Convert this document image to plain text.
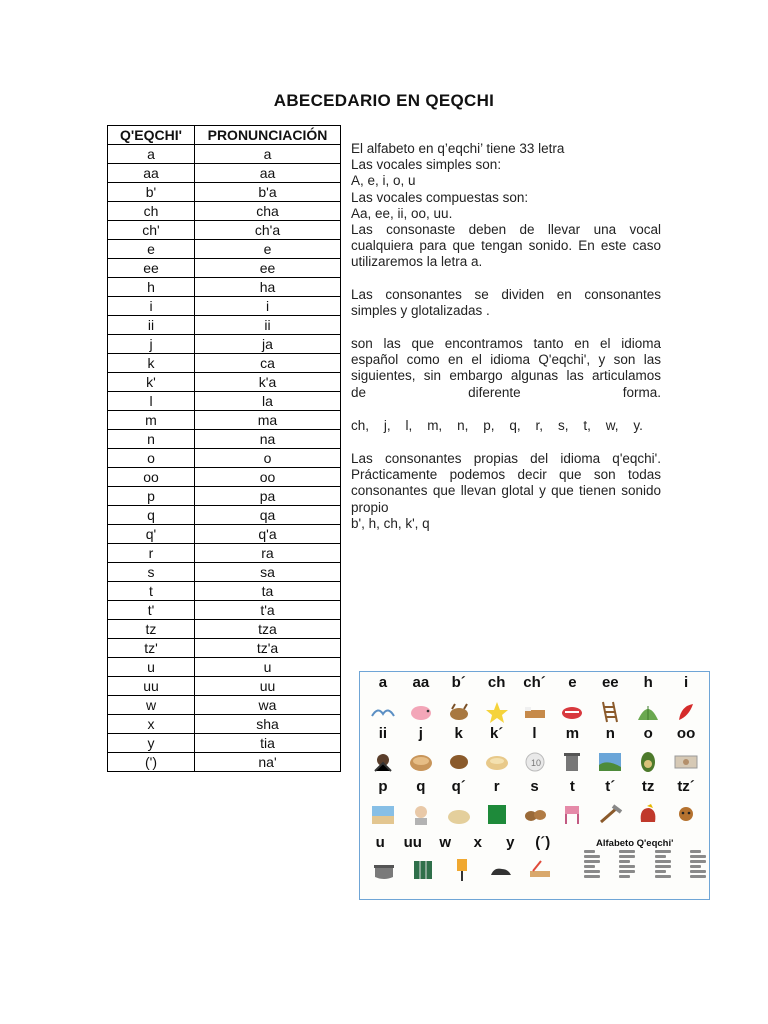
ABECEDARIO EN QEQCHI
Q'EQCHI'	PRONUNCIACIÓN
a	a
aa	aa
b'	b'a
ch	cha
ch'	ch'a
e	e
ee	ee
h	ha
i	i
ii	ii
j	ja
k	ca
k'	k'a
l	la
m	ma
n	na
o	o
oo	oo
p	pa
q	qa
q'	q'a
r	ra
s	sa
t	ta
t'	t'a
tz	tza
tz'	tz'a
u	u
uu	uu
w	wa
x	sha
y	tia
(')	na'
El alfabeto en q’eqchi’ tiene 33 letra
Las vocales simples son:
A, e, i, o, u
Las vocales compuestas son:
Aa, ee, ii, oo, uu.
Las consonaste deben de llevar una vocal cualquiera para que tengan sonido. En este caso utilizaremos la letra a.
Las consonantes se dividen en consonantes simples y glotalizadas .
son las que encontramos tanto en el idioma español como en el idioma Q'eqchi', y son las siguientes, sin embargo algunas las articulamos
de diferente forma.
ch, j, l, m, n, p, q, r, s, t, w, y.
Las consonantes propias del idioma q'eqchi'. Prácticamente podemos decir que son todas consonantes que llevan glotal y que tienen sonido propio
b', h, ch, k', q
a	aa	b´	ch	ch´	e	ee	h	i
ii	j	k	k´	l	m	n	o	oo
10
p	q	q´	r	s	t	t´	tz	tz´
u	uu	w	x	y	(´)	Alfabeto Q'eqchi'
